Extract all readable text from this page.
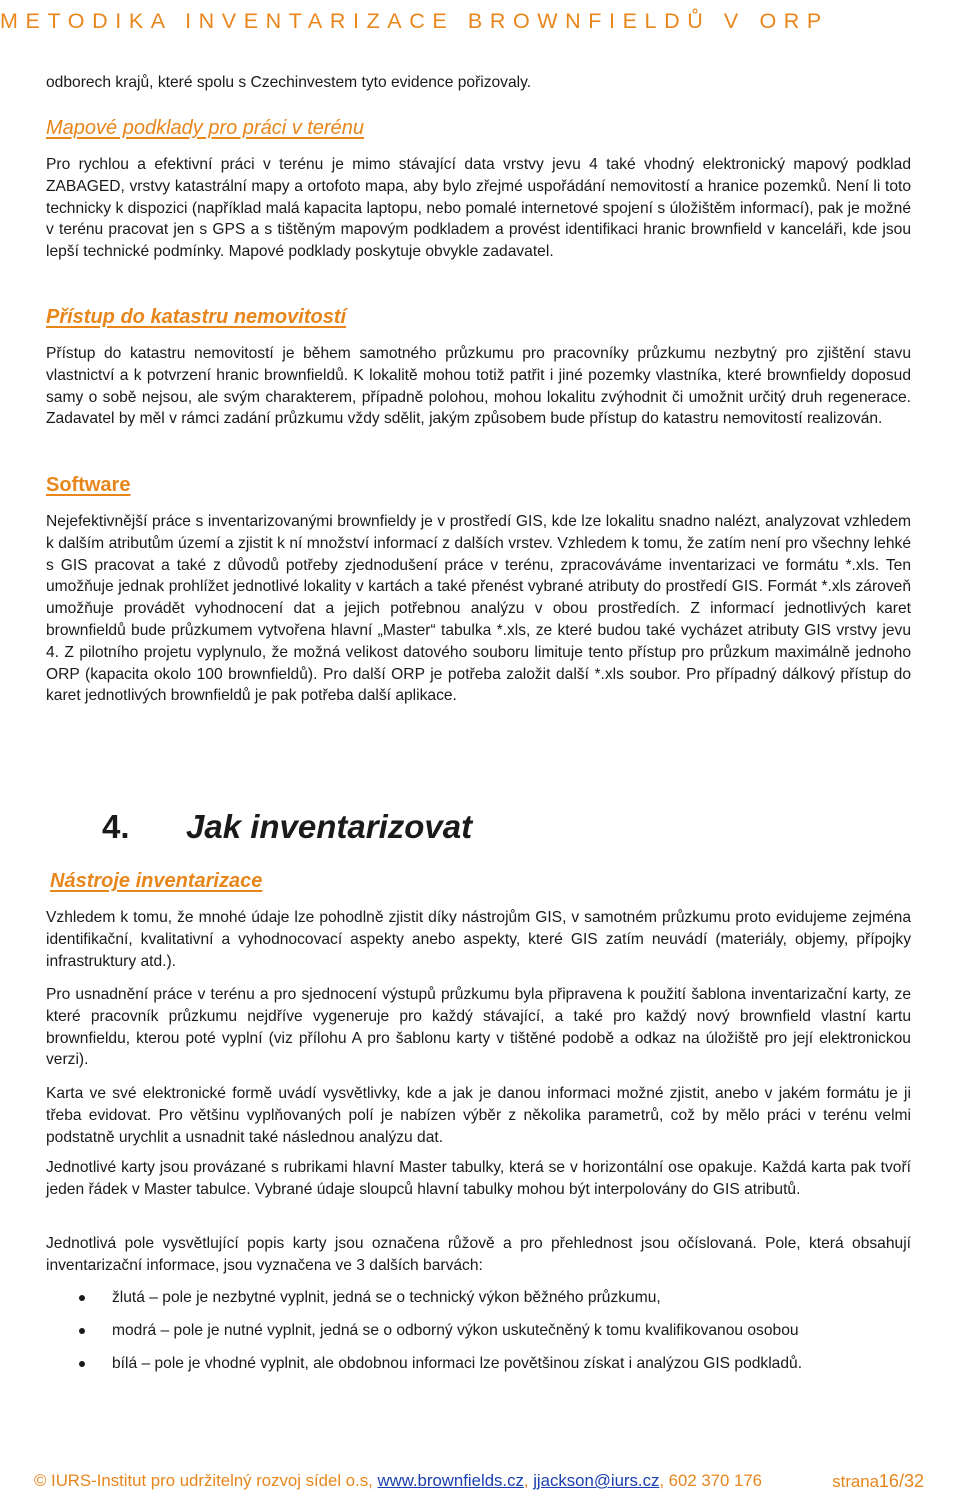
METODIKA INVENTARIZACE BROWNFIELDŮ V ORP

odborech krajů, které spolu s Czechinvestem tyto evidence pořizovaly.

Mapové podklady pro práci v terénu

Pro rychlou a efektivní práci v terénu je mimo stávající data vrstvy jevu 4 také vhodný elektronický mapový podklad ZABAGED, vrstvy katastrální mapy a ortofoto mapa, aby bylo zřejmé uspořádání nemovitostí a hranice pozemků. Není li toto technicky k dispozici (například malá kapacita laptopu, nebo pomalé internetové spojení s úložištěm informací), pak je možné v terénu pracovat jen s GPS a s tištěným mapovým podkladem a provést identifikaci hranic brownfield v kanceláři, kde jsou lepší technické podmínky. Mapové podklady poskytuje obvykle zadavatel.

Přístup do katastru nemovitostí

Přístup do katastru nemovitostí je během samotného průzkumu pro pracovníky průzkumu nezbytný pro zjištění stavu vlastnictví a k potvrzení hranic brownfieldů. K lokalitě mohou totiž patřit i jiné pozemky vlastníka, které brownfieldy doposud samy o sobě nejsou, ale svým charakterem, případně polohou, mohou lokalitu zvýhodnit či umožnit určitý druh regenerace. Zadavatel by měl v rámci zadání průzkumu vždy sdělit, jakým způsobem bude přístup do katastru nemovitostí realizován.

Software

Nejefektivnější práce s inventarizovanými brownfieldy je v prostředí GIS, kde lze lokalitu snadno nalézt, analyzovat vzhledem k dalším atributům území a zjistit k ní množství informací z dalších vrstev. Vzhledem k tomu, že zatím není pro všechny lehké s GIS pracovat a také z důvodů potřeby zjednodušení práce v terénu, zpracováváme inventarizaci ve formátu *.xls. Ten umožňuje jednak prohlížet jednotlivé lokality v kartách a také přenést vybrané atributy do prostředí GIS. Formát *.xls zároveň umožňuje provádět vyhodnocení dat a jejich potřebnou analýzu v obou prostředích. Z informací jednotlivých karet brownfieldů bude průzkumem vytvořena hlavní „Master“ tabulka *.xls, ze které budou také vycházet atributy GIS vrstvy jevu 4. Z pilotního projetu vyplynulo, že možná velikost datového souboru limituje tento přístup pro průzkum maximálně jednoho ORP (kapacita okolo 100 brownfieldů). Pro další ORP je potřeba založit další *.xls soubor. Pro případný dálkový přístup do karet jednotlivých brownfieldů je pak potřeba další aplikace.

4. Jak inventarizovat
Nástroje inventarizace

Vzhledem k tomu, že mnohé údaje lze pohodlně zjistit díky nástrojům GIS, v samotném průzkumu proto evidujeme zejména identifikační, kvalitativní a vyhodnocovací aspekty anebo aspekty, které GIS zatím neuvádí (materiály, objemy, přípojky infrastruktury atd.).

Pro usnadnění práce v terénu a pro sjednocení výstupů průzkumu byla připravena k použití šablona inventarizační karty, ze které pracovník průzkumu nejdříve vygeneruje pro každý stávající, a také pro každý nový brownfield vlastní kartu brownfieldu, kterou poté vyplní (viz přílohu A pro šablonu karty v tištěné podobě a odkaz na úložiště pro její elektronickou verzi).

Karta ve své elektronické formě uvádí vysvětlivky, kde a jak je danou informaci možné zjistit, anebo v jakém formátu je ji třeba evidovat. Pro většinu vyplňovaných polí je nabízen výběr z několika parametrů, což by mělo práci v terénu velmi podstatně urychlit a usnadnit také následnou analýzu dat.

Jednotlivé karty jsou provázané s rubrikami hlavní Master tabulky, která se v horizontální ose opakuje. Každá karta pak tvoří jeden řádek v Master tabulce. Vybrané údaje sloupců hlavní tabulky mohou být interpolovány do GIS atributů.

Jednotlivá pole vysvětlující popis karty jsou označena růžově a pro přehlednost jsou očíslovaná. Pole, která obsahují inventarizační informace, jsou vyznačena ve 3 dalších barvách:

žlutá – pole je nezbytné vyplnit, jedná se o technický výkon běžného průzkumu,
modrá – pole je nutné vyplnit, jedná se o odborný výkon uskutečněný k tomu kvalifikovanou osobou
bílá – pole je vhodné vyplnit, ale obdobnou informaci lze povětšinou získat i analýzou GIS podkladů.
© IURS-Institut pro udržitelný rozvoj sídel o.s, www.brownfields.cz, jjackson@iurs.cz, 602 370 176	strana16/32
